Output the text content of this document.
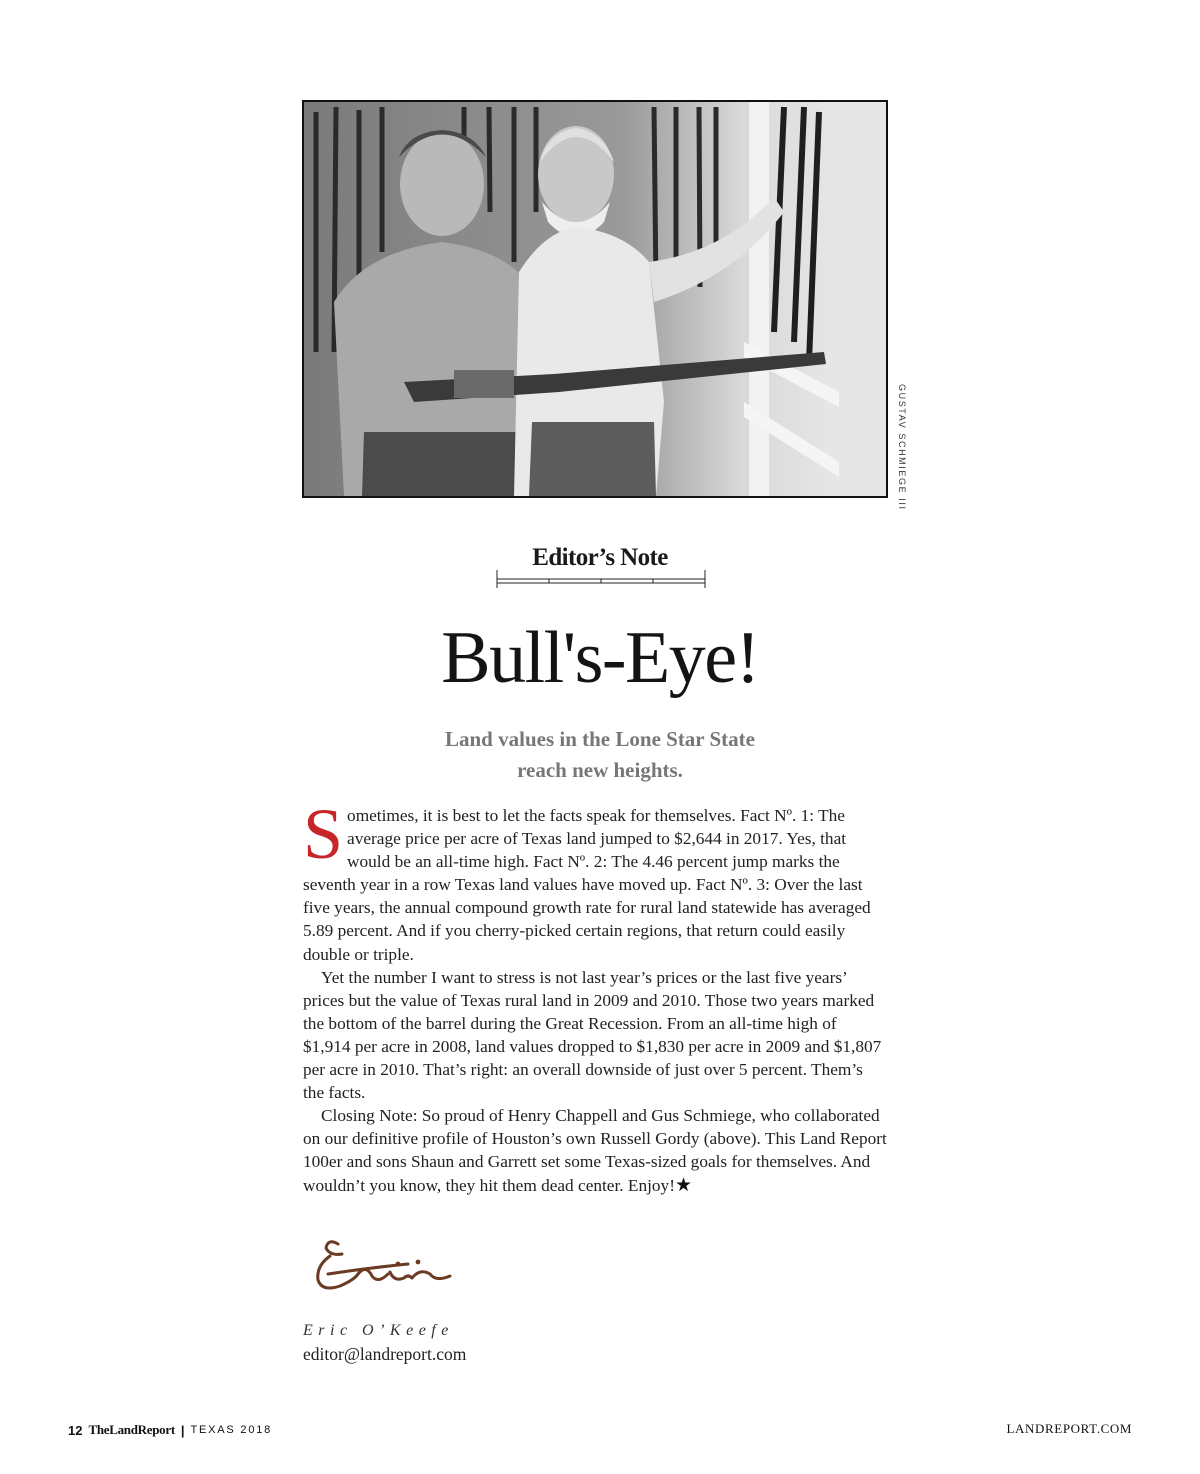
GUSTAV SCHMIEGE III
Editor’s Note
Bull's-Eye!
Land values in the Lone Star State
reach new heights.

Sometimes, it is best to let the facts speak for themselves. Fact Nº. 1: The average price per acre of Texas land jumped to $2,644 in 2017. Yes, that would be an all-time high. Fact Nº. 2: The 4.46 percent jump marks the seventh year in a row Texas land values have moved up. Fact Nº. 3: Over the last five years, the annual compound growth rate for rural land statewide has averaged 5.89 percent. And if you cherry-picked certain regions, that return could easily double or triple.

Yet the number I want to stress is not last year’s prices or the last five years’ prices but the value of Texas rural land in 2009 and 2010. Those two years marked the bottom of the barrel during the Great Recession. From an all-time high of $1,914 per acre in 2008, land values dropped to $1,830 per acre in 2009 and $1,807 per acre in 2010. That’s right: an overall downside of just over 5 percent. Them’s the facts.

Closing Note: So proud of Henry Chappell and Gus Schmiege, who collaborated on our definitive profile of Houston’s own Russell Gordy (above). This Land Report 100er and sons Shaun and Garrett set some Texas-sized goals for themselves. And wouldn’t you know, they hit them dead center. Enjoy!★

Eric O’Keefe
editor@landreport.com
12 TheLandReport | TEXAS 2018	LANDREPORT.COM
